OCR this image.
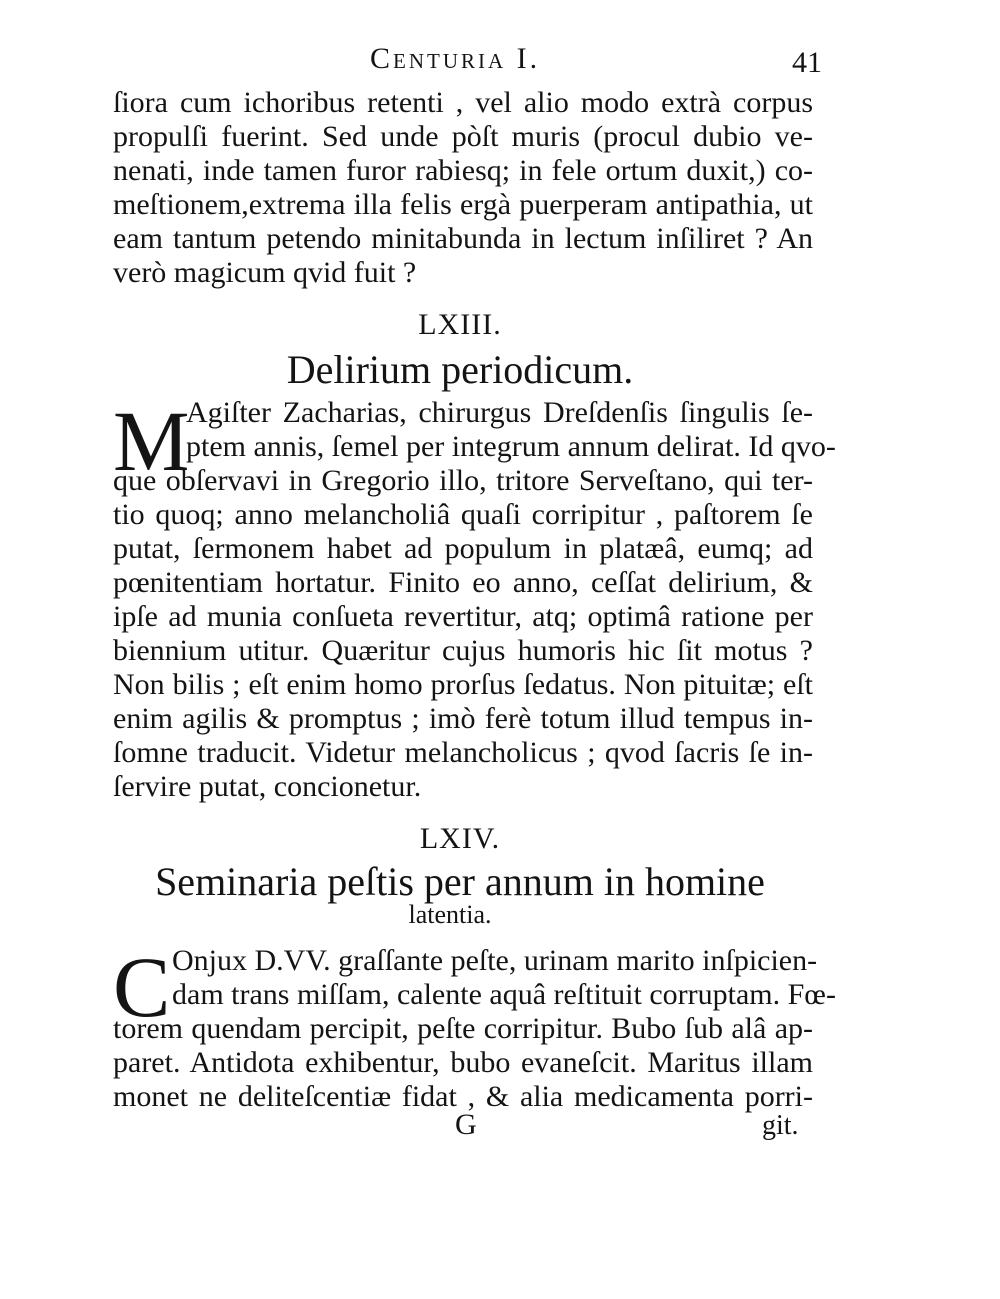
Centuria I.	41
ſiora cum ichoribus retenti , vel alio modo extrà corpus
propulſi fuerint. Sed unde pòſt muris (procul dubio ve-
nenati, inde tamen furor rabiesq; in fele ortum duxit,) co-
meſtionem,extrema illa felis ergà puerperam antipathia, ut
eam tantum petendo minitabunda in lectum inſiliret ? An
verò magicum qvid fuit ?
LXIII.
Delirium periodicum.
M
Agiſter Zacharias, chirurgus Dreſdenſis ſingulis ſe-
ptem annis, ſemel per integrum annum delirat. Id qvo-
que obſervavi in Gregorio illo, tritore Serveſtano, qui ter-
tio quoq; anno melancholiâ quaſi corripitur , paſtorem ſe
putat, ſermonem habet ad populum in platæâ, eumq; ad
pœnitentiam hortatur. Finito eo anno, ceſſat delirium, &
ipſe ad munia conſueta revertitur, atq; optimâ ratione per
biennium utitur. Quæritur cujus humoris hic ſit motus ?
Non bilis ; eſt enim homo prorſus ſedatus. Non pituitæ; eſt
enim agilis & promptus ; imò ferè totum illud tempus in-
ſomne traducit. Videtur melancholicus ; qvod ſacris ſe in-
ſervire putat, concionetur.
LXIV.
Seminaria peſtis per annum in homine
latentia.
C Onjux D.VV. graſſante peſte, urinam marito inſpicien-
dam trans miſſam, calente aquâ reſtituit corruptam. Fœ-
torem quendam percipit, peſte corripitur. Bubo ſub alâ ap-
paret. Antidota exhibentur, bubo evaneſcit. Maritus illam
monet ne deliteſcentiæ fidat , & alia medicamenta porri-
G	git.
